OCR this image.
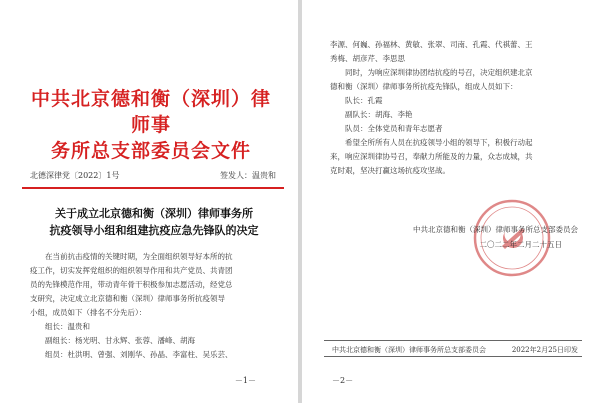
中共北京德和衡（深圳）律师事
务所总支部委员会文件
北德深律党〔2022〕1号	签发人：温贵和
关于成立北京德和衡（深圳）律师事务所
抗疫领导小组和组建抗疫应急先锋队的决定
在当前抗击疫情的关键时期，为全面组织领导好本所的抗
疫工作，切实发挥党组织的组织领导作用和共产党员、共青团
员的先锋模范作用，带动青年骨干积极参加志愿活动，经党总
支研究，决定成立北京德和衡（深圳）律师事务所抗疫领导
小组，成员如下（排名不分先后）：
组长：温贵和
副组长：杨光明、甘永辉、张蓉、潘峰、胡海
组员：杜洪明、曾强、刘刚华、孙晶、李富柱、吴乐芸、
－1－
李源、何巍、孙福林、黄敏、张翠、司南、孔霞、代祺蕾、王
秀梅、胡彦芹、李思思
同时，为响应深圳律协团结抗疫的号召，决定组织建北京
德和衡（深圳）律师事务所抗疫先锋队，组成人员如下：
队长：孔霞
副队长：胡海、李艳
队员：全体党员和青年志愿者
希望全所所有人员在抗疫领导小组的领导下，积极行动起
来，响应深圳律协号召，奉献力所能及的力量，众志成城，共
克时艰，坚决打赢这场抗疫攻坚战。
中共北京德和衡（深圳）律师事务所总支部委员会
二〇二二年二月二十五日
中共北京德和衡（深圳）律师事务所总支部委员会	2022年2月25日印发
－2－
